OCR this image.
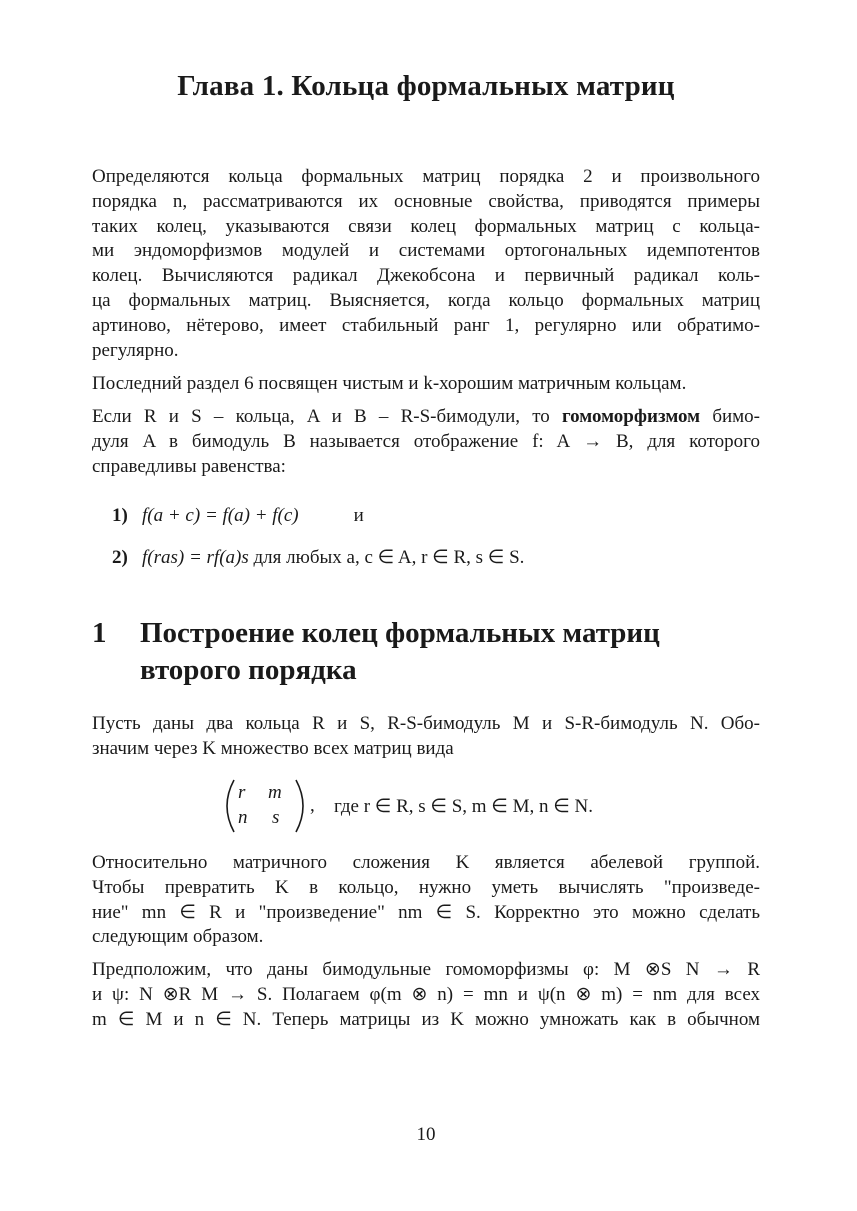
Глава 1. Кольца формальных матриц

Определяются кольца формальных матриц порядка 2 и произвольного
порядка n, рассматриваются их основные свойства, приводятся примеры
таких колец, указываются связи колец формальных матриц с кольца-
ми эндоморфизмов модулей и системами ортогональных идемпотентов
колец. Вычисляются радикал Джекобсона и первичный радикал коль-
ца формальных матриц. Выясняется, когда кольцо формальных матриц
артиново, нётерово, имеет стабильный ранг 1, регулярно или обратимо-
регулярно.

Последний раздел 6 посвящен чистым и k-хорошим матричным кольцам.

Если R и S – кольца, A и B – R-S-бимодули, то гомоморфизмом бимо-
дуля A в бимодуль B называется отображение f: A → B, для которого
справедливы равенства:

1) f(a + c) = f(a) + f(c)	и
2) f(ras) = rf(a)s для любых a, c ∈ A, r ∈ R, s ∈ S.
1 Построение колец формальных матриц
второго порядка

Пусть даны два кольца R и S, R-S-бимодуль M и S-R-бимодуль N. Обо-
значим через K множество всех матриц вида

r m
n s
, где r ∈ R, s ∈ S, m ∈ M, n ∈ N.

Относительно матричного сложения K является абелевой группой.
Чтобы превратить K в кольцо, нужно уметь вычислять "произведе-
ние" mn ∈ R и "произведение" nm ∈ S. Корректно это можно сделать
следующим образом.

Предположим, что даны бимодульные гомоморфизмы φ: M ⊗S N → R
и ψ: N ⊗R M → S. Полагаем φ(m ⊗ n) = mn и ψ(n ⊗ m) = nm для всех
m ∈ M и n ∈ N. Теперь матрицы из K можно умножать как в обычном

10
